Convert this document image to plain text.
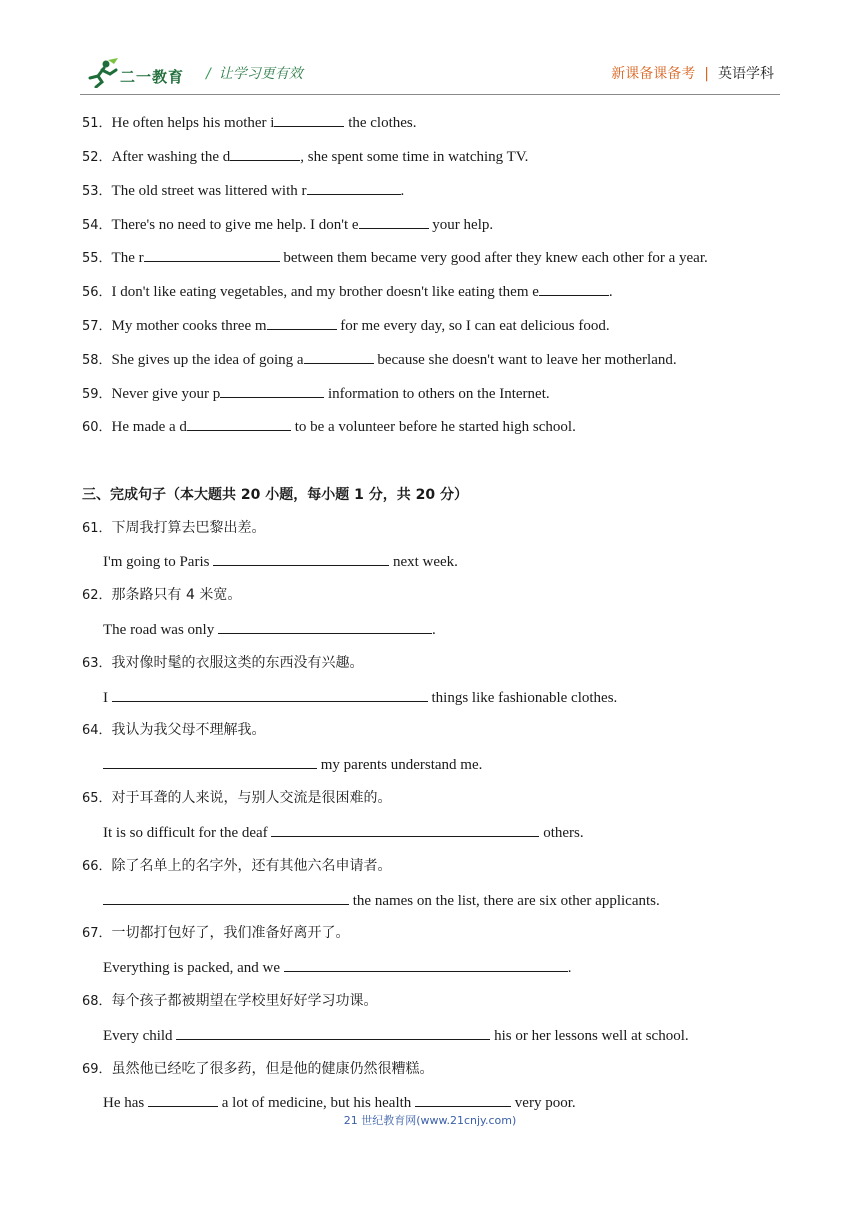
二一教育 / 让学习更有效	新课备课备考 | 英语学科
51．He often helps his mother i	the clothes.
52．After washing the d	, she spent some time in watching TV.
53．The old street was littered with r	.
54．There's no need to give me help. I don't e	your help.
55．The r	between them became very good after they knew each other for a year.
56．I don't like eating vegetables, and my brother doesn't like eating them e	.
57．My mother cooks three m	for me every day, so I can eat delicious food.
58．She gives up the idea of going a	because she doesn't want to leave her motherland.
59．Never give your p	information to others on the Internet.
60．He made a d	to be a volunteer before he started high school.
三、完成句子（本大题共 20 小题，每小题 1 分，共 20 分）
61．下周我打算去巴黎出差。
I'm going to Paris	next week.
62．那条路只有 4 米宽。
The road was only	.
63．我对像时髦的衣服这类的东西没有兴趣。
I	things like fashionable clothes.
64．我认为我父母不理解我。
my parents understand me.
65．对于耳聋的人来说，与别人交流是很困难的。
It is so difficult for the deaf	others.
66．除了名单上的名字外，还有其他六名申请者。
the names on the list, there are six other applicants.
67．一切都打包好了，我们准备好离开了。
Everything is packed, and we	.
68．每个孩子都被期望在学校里好好学习功课。
Every child	his or her lessons well at school.
69．虽然他已经吃了很多药，但是他的健康仍然很糟糕。
He has	a lot of medicine, but his health	very poor.
21 世纪教育网(www.21cnjy.com)
